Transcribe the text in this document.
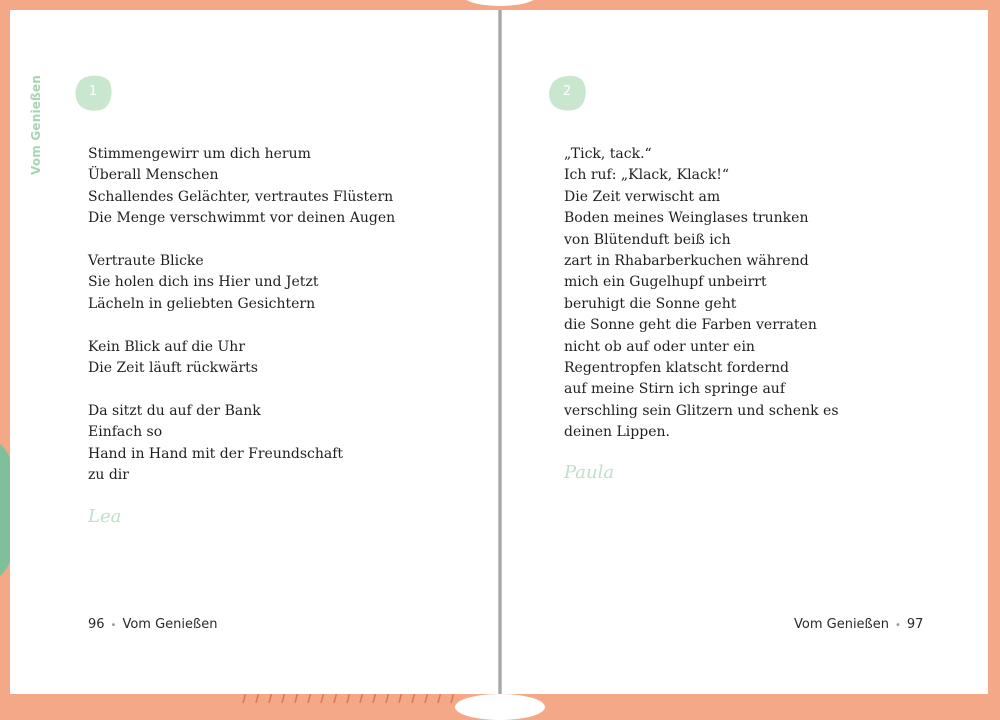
1
Stimmengewirr um dich herum
Überall Menschen
Schallendes Gelächter, vertrautes Flüstern
Die Menge verschwimmt vor deinen Augen
Vertraute Blicke
Sie holen dich ins Hier und Jetzt
Lächeln in geliebten Gesichtern
Kein Blick auf die Uhr
Die Zeit läuft rückwärts
Da sitzt du auf der Bank
Einfach so
Hand in Hand mit der Freundschaft
zu dir
Lea
96 • Vom Genießen
2
„Tick, tack.“
Ich ruf: „Klack, Klack!“
Die Zeit verwischt am
Boden meines Weinglases trunken
von Blütenduft beiß ich
zart in Rhabarberkuchen während
mich ein Gugelhupf unbeirrt
beruhigt die Sonne geht
die Sonne geht die Farben verraten
nicht ob auf oder unter ein
Regentropfen klatscht fordernd
auf meine Stirn ich springe auf
verschling sein Glitzern und schenk es
deinen Lippen.
Paula
Vom Genießen • 97
